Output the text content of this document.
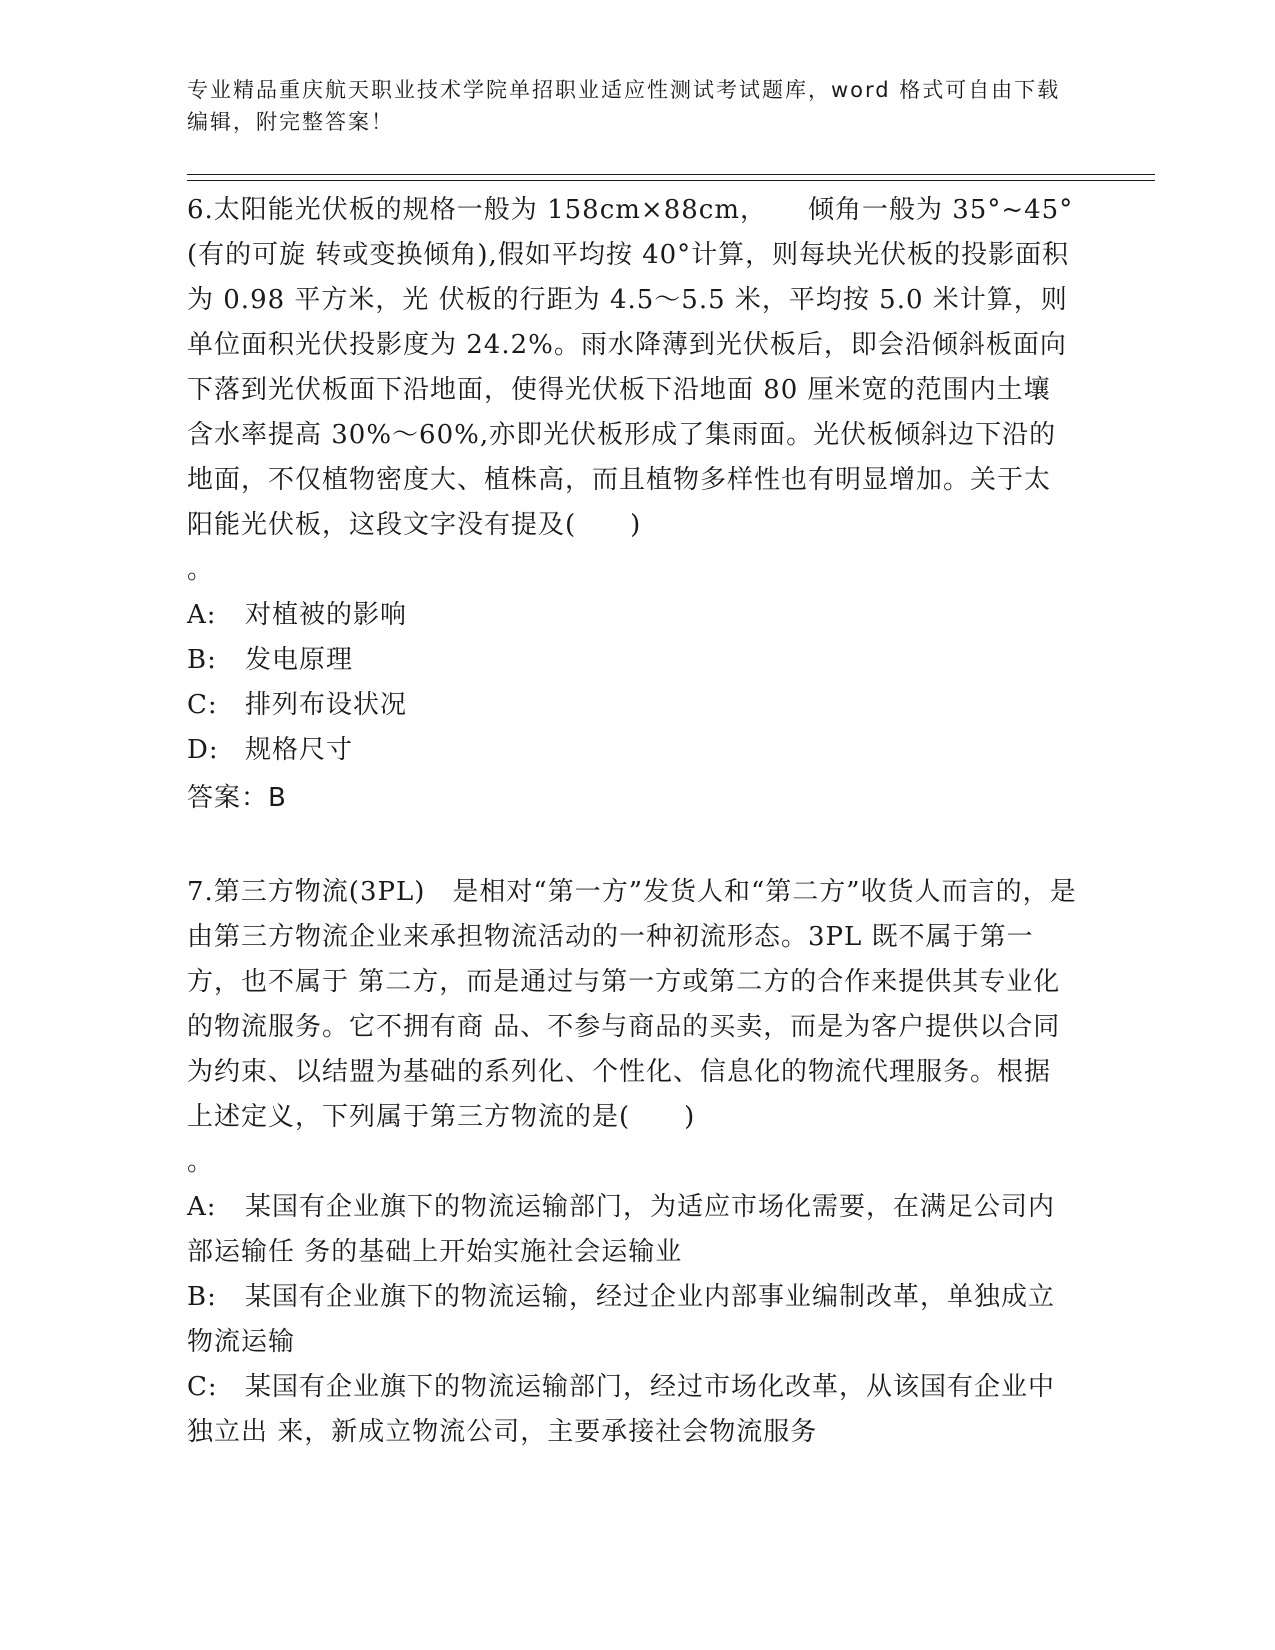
专业精品重庆航天职业技术学院单招职业适应性测试考试题库，word 格式可自由下载编辑，附完整答案！

6.太阳能光伏板的规格一般为 158cm×88cm，　　倾角一般为 35°~45°(有的可旋 转或变换倾角),假如平均按 40°计算，则每块光伏板的投影面积为 0.98 平方米，光 伏板的行距为 4.5～5.5 米，平均按 5.0 米计算，则单位面积光伏投影度为 24.2%。雨水降薄到光伏板后，即会沿倾斜板面向下落到光伏板面下沿地面，使得光伏板下沿地面 80 厘米宽的范围内土壤含水率提高 30%～60%,亦即光伏板形成了集雨面。光伏板倾斜边下沿的地面，不仅植物密度大、植株高，而且植物多样性也有明显增加。关于太阳能光伏板，这段文字没有提及(　　)

。

A: 对植被的影响
B: 发电原理
C: 排列布设状况
D: 规格尺寸

答案：B

7.第三方物流(3PL)　是相对“第一方”发货人和“第二方”收货人而言的，是 由第三方物流企业来承担物流活动的一种初流形态。3PL 既不属于第一方，也不属于 第二方，而是通过与第一方或第二方的合作来提供其专业化的物流服务。它不拥有商 品、不参与商品的买卖，而是为客户提供以合同为约束、以结盟为基础的系列化、个性化、信息化的物流代理服务。根据上述定义，下列属于第三方物流的是(　　)

。

A: 某国有企业旗下的物流运输部门，为适应市场化需要，在满足公司内部运输任 务的基础上开始实施社会运输业
B: 某国有企业旗下的物流运输，经过企业内部事业编制改革，单独成立物流运输
C: 某国有企业旗下的物流运输部门，经过市场化改革，从该国有企业中独立出 来，新成立物流公司，主要承接社会物流服务
